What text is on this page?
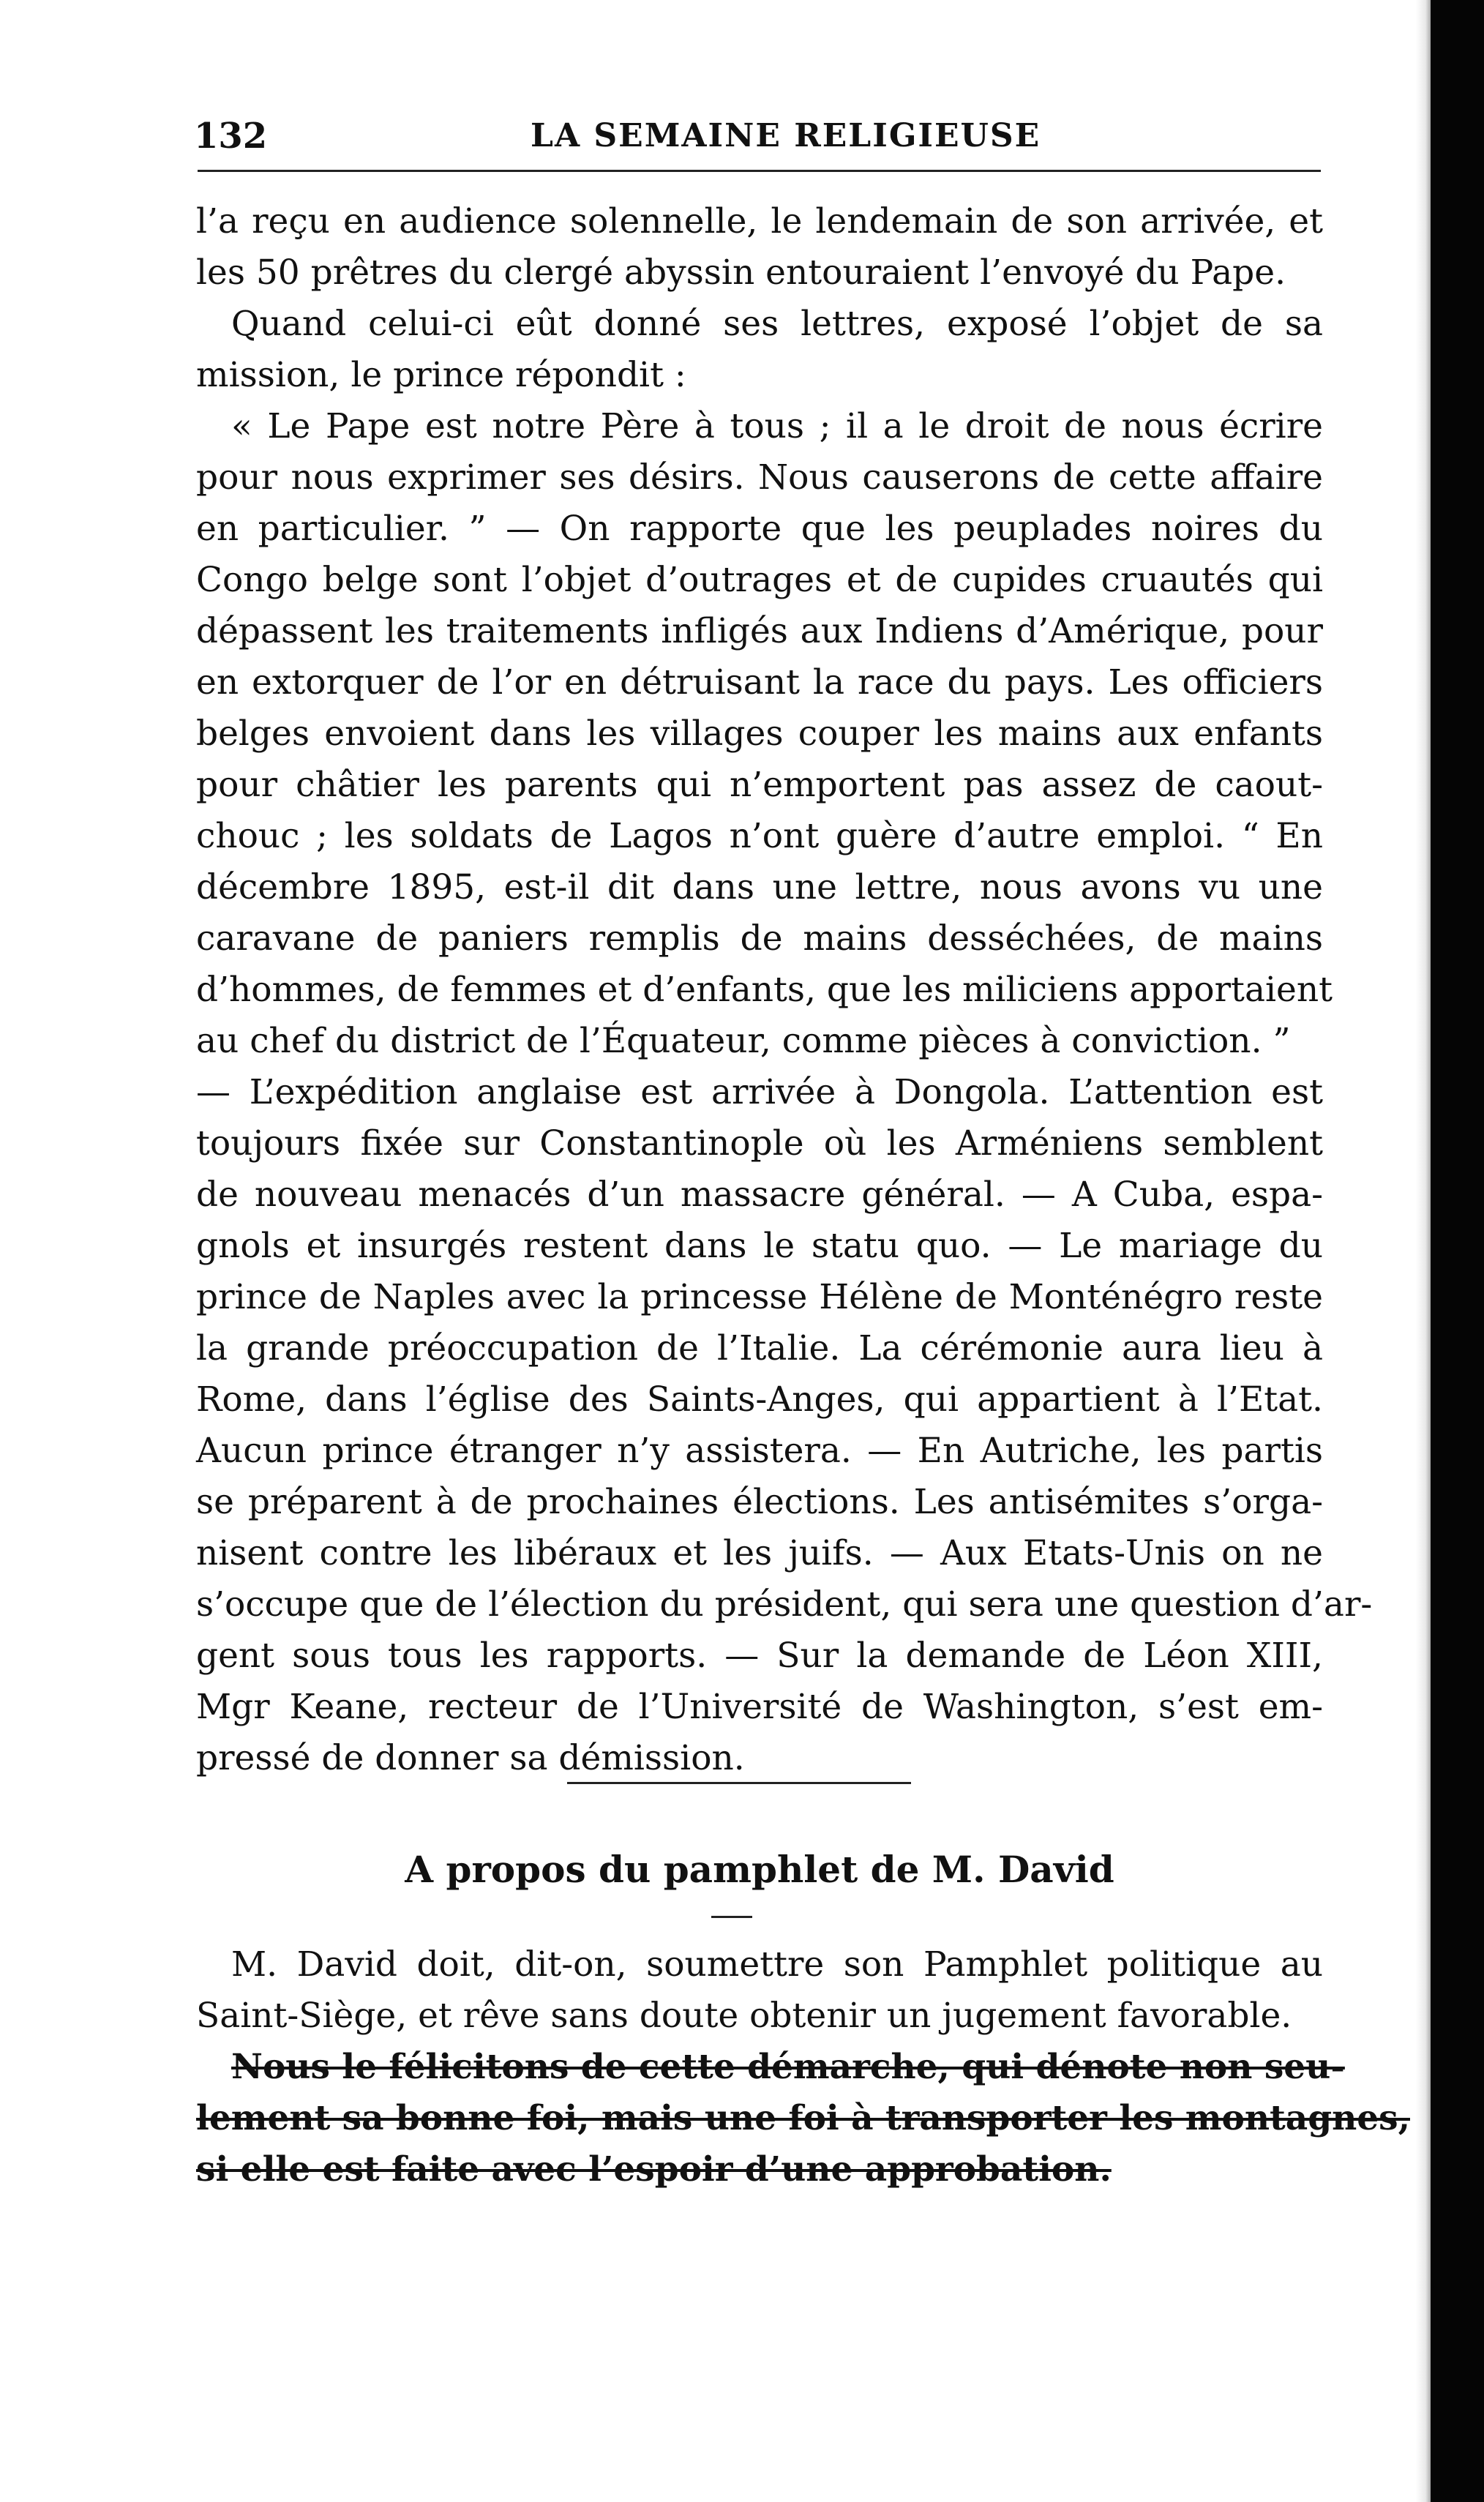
132	LA SEMAINE RELIGIEUSE
l’a reçu en audience solennelle, le lendemain de son arrivée, et
les 50 prêtres du clergé abyssin entouraient l’envoyé du Pape.
Quand celui-ci eût donné ses lettres, exposé l’objet de sa
mission, le prince répondit :
« Le Pape est notre Père à tous ; il a le droit de nous écrire
pour nous exprimer ses désirs. Nous causerons de cette affaire
en particulier. ” — On rapporte que les peuplades noires du
Congo belge sont l’objet d’outrages et de cupides cruautés qui
dépassent les traitements infligés aux Indiens d’Amérique, pour
en extorquer de l’or en détruisant la race du pays. Les officiers
belges envoient dans les villages couper les mains aux enfants
pour châtier les parents qui n’emportent pas assez de caout-
chouc ; les soldats de Lagos n’ont guère d’autre emploi. “ En
décembre 1895, est-il dit dans une lettre, nous avons vu une
caravane de paniers remplis de mains desséchées, de mains
d’hommes, de femmes et d’enfants, que les miliciens apportaient
au chef du district de l’Équateur, comme pièces à conviction. ”
— L’expédition anglaise est arrivée à Dongola. L’attention est
toujours fixée sur Constantinople où les Arméniens semblent
de nouveau menacés d’un massacre général. — A Cuba, espa-
gnols et insurgés restent dans le statu quo. — Le mariage du
prince de Naples avec la princesse Hélène de Monténégro reste
la grande préoccupation de l’Italie. La cérémonie aura lieu à
Rome, dans l’église des Saints-Anges, qui appartient à l’Etat.
Aucun prince étranger n’y assistera. — En Autriche, les partis
se préparent à de prochaines élections. Les antisémites s’orga-
nisent contre les libéraux et les juifs. — Aux Etats-Unis on ne
s’occupe que de l’élection du président, qui sera une question d’ar-
gent sous tous les rapports. — Sur la demande de Léon XIII,
Mgr Keane, recteur de l’Université de Washington, s’est em-
pressé de donner sa démission.
A propos du pamphlet de M. David
M. David doit, dit-on, soumettre son Pamphlet politique au
Saint-Siège, et rêve sans doute obtenir un jugement favorable.
Nous le félicitons de cette démarche, qui dénote non seu-
lement sa bonne foi, mais une foi à transporter les montagnes,
si elle est faite avec l’espoir d’une approbation.
